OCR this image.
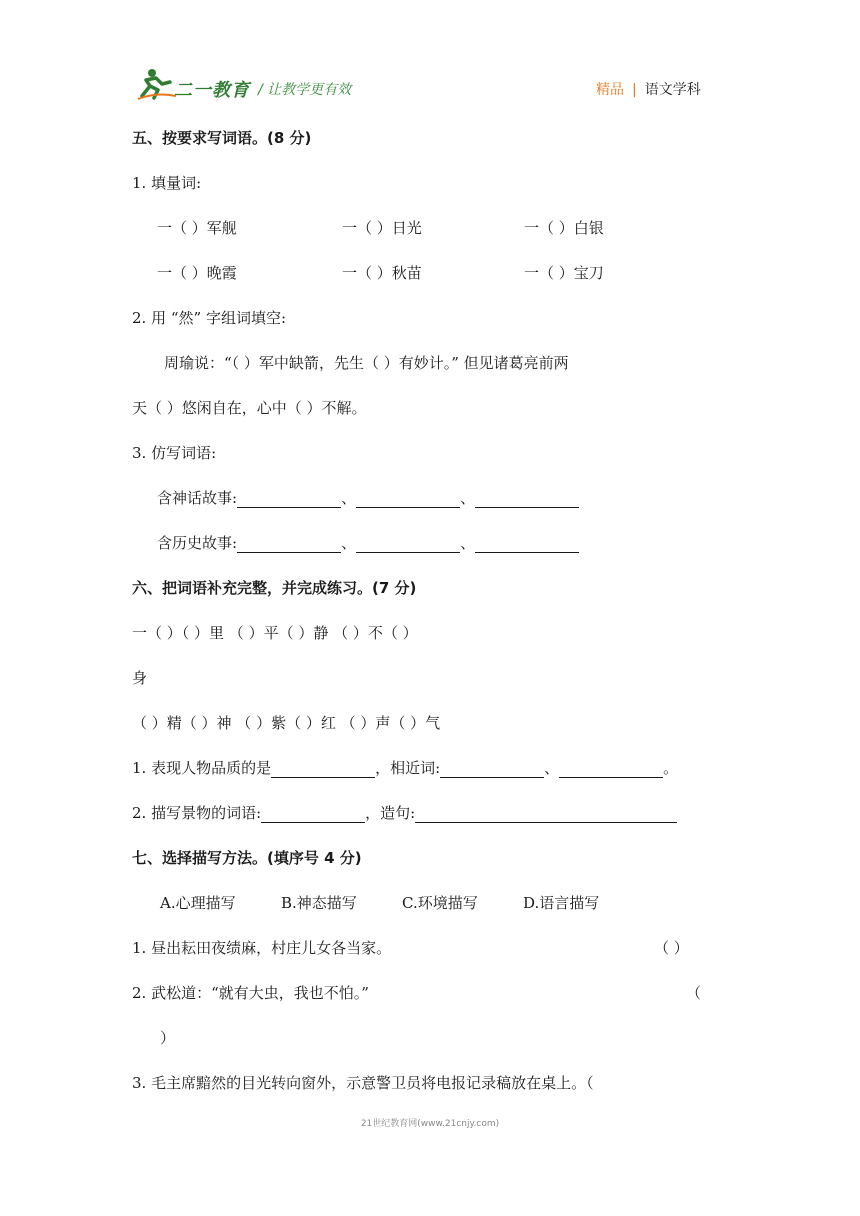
二一教育 / 让教学更有效	精品 | 语文学科
五、按要求写词语。(8 分)
1. 填量词:
一（ ）军舰	一（ ）日光	一（ ）白银
一（ ）晚霞	一（ ）秋苗	一（ ）宝刀
2. 用 “然” 字组词填空:
周瑜说：“（ ）军中缺箭，先生（ ）有妙计。” 但见诸葛亮前两
天（ ）悠闲自在，心中（ ）不解。
3. 仿写词语:
含神话故事:	、	、
含历史故事:	、	、
六、把词语补充完整，并完成练习。(7 分)
一（ ）（ ）里 （ ）平（ ）静 （ ）不（ ）
身
（ ）精（ ）神 （ ）紫（ ）红 （ ）声（ ）气
1. 表现人物品质的是	，相近词:	、	。
2. 描写景物的词语:	，造句:
七、选择描写方法。(填序号 4 分)
A.心理描写	B.神态描写	C.环境描写	D.语言描写
1. 昼出耘田夜绩麻，村庄儿女各当家。	（ ）
2. 武松道：“就有大虫，我也不怕。”	（
）
3. 毛主席黯然的目光转向窗外，示意警卫员将电报记录稿放在桌上。（
21世纪教育网(www.21cnjy.com)
